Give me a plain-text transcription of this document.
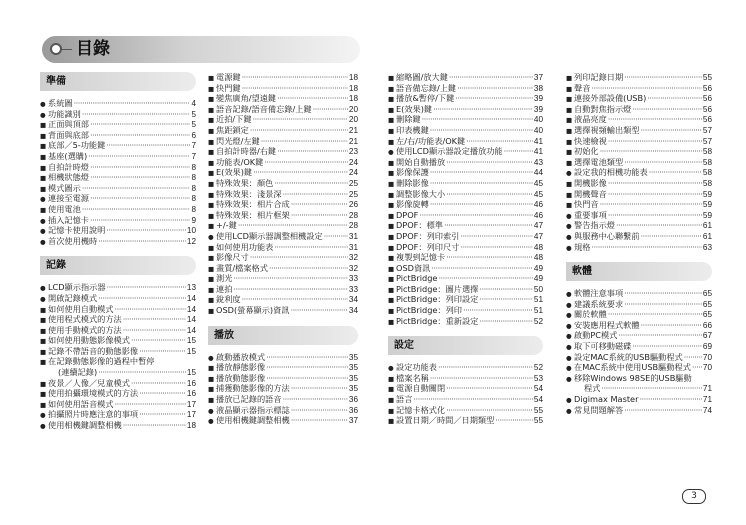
目錄
準備
● 系統圖 ·····	4
● 功能識別 ·····	5
■ 正面與頂部 ·····	5
■ 背面與底部 ·····	6
■ 底部／5-功能鍵 ·····	7
■ 基座(選購) ·····	7
■ 自拍計時燈 ·····	8
■ 相機狀態燈 ·····	8
■ 模式圖示 ·····	8
● 連接至電源 ·····	8
■ 使用電池 ·····	8
● 插入記憶卡 ·····	9
● 記憶卡使用說明 ·····	10
● 首次使用機時 ·····	12
記錄
● LCD顯示指示器 ·····	13
● 開啟記錄模式 ·····	14
■ 如何使用自動模式 ·····	14
■ 使用程式模式的方法 ·····	14
■ 使用手動模式的方法 ·····	14
■ 如何使用動態影像模式 ·····	15
■ 記錄不帶語音的動態影像 ·····	15
■ 在記錄動態影像的過程中暫停
(連續記錄) ·····	15
■ 夜景／人像／兒童模式 ·····	16
■ 使用拍攝環境模式的方法 ·····	16
■ 如何使用語音模式 ·····	17
● 拍攝照片時應注意的事項 ·····	17
● 使用相機鍵調整相機 ·····	18
■ 電源鍵 ·····	18
■ 快門鍵 ·····	18
■ 變焦廣角/望遠鍵 ·····	18
■ 語音記錄/語音備忘錄/上鍵 ·····	20
■ 近拍/下鍵 ·····	20
■ 焦距鎖定 ·····	21
■ 閃光燈/左鍵 ·····	21
■ 自拍計時器/右鍵 ·····	23
■ 功能表/OK鍵 ·····	24
■ E(效果)鍵 ·····	24
■ 特殊效果：顏色 ·····	25
■ 特殊效果：淺景深 ·····	25
■ 特殊效果：相片合成 ·····	26
■ 特殊效果：相片框架 ·····	28
■ +/-鍵 ·····	28
● 使用LCD顯示器調整相機設定 ·····	31
■ 如何使用功能表 ·····	31
■ 影像尺寸 ·····	32
■ 畫質/檔案格式 ·····	32
■ 測光 ·····	33
■ 連拍 ·····	33
■ 銳利度 ·····	34
■ OSD(螢幕顯示)資訊 ·····	34
播放
● 啟動播放模式 ·····	35
■ 播放靜態影像 ·····	35
■ 播放動態影像 ·····	35
■ 捕獲動態影像的方法 ·····	35
■ 播放已記錄的語音 ·····	36
● 液晶顯示器指示標誌 ·····	36
● 使用相機鍵調整相機 ·····	37
■ 縮略圖/放大鍵 ·····	37
■ 語音備忘錄/上鍵 ·····	38
■ 播放&暫停/下鍵 ·····	39
■ E(效果)鍵 ·····	39
■ 刪除鍵 ·····	40
■ 印表機鍵 ·····	40
■ 左/右/功能表/OK鍵 ·····	41
● 使用LCD顯示器設定播放功能 ·····	41
■ 開始自動播放 ·····	43
■ 影像保護 ·····	44
■ 刪除影像 ·····	45
■ 調整影像大小 ·····	45
■ 影像旋轉 ·····	46
■ DPOF ·····	46
■ DPOF：標準 ·····	47
■ DPOF：列印索引 ·····	47
■ DPOF：列印尺寸 ·····	48
■ 複製到記憶卡 ·····	48
■ OSD資訊 ·····	49
■ PictBridge ·····	49
■ PictBridge：圖片選擇 ·····	50
■ PictBridge：列印設定 ·····	51
■ PictBridge：列印 ·····	51
■ PictBridge：重新設定 ·····	52
設定
● 設定功能表 ·····	52
■ 檔案名稱 ·····	53
■ 電源自動關閉 ·····	54
■ 語言 ·····	54
■ 記憶卡格式化 ·····	55
■ 設置日期／時間／日期類型 ·····	55
■ 列印記錄日期 ·····	55
■ 聲音 ·····	56
■ 連接外部設備(USB) ·····	56
■ 自動對焦指示燈 ·····	56
■ 液晶亮度 ·····	56
■ 選擇視頻輸出類型 ·····	57
■ 快速檢視 ·····	57
■ 初始化 ·····	58
■ 選擇電池類型 ·····	58
● 設定我的相機功能表 ·····	58
■ 開機影像 ·····	58
■ 開機聲音 ·····	59
■ 快門音 ·····	59
● 重要事項 ·····	59
● 警告指示燈 ·····	61
● 與服務中心聯繫前 ·····	61
● 規格 ·····	63
軟體
● 軟體注意事項 ·····	65
● 建議系統要求 ·····	65
● 關於軟體 ·····	65
● 安裝應用程式軟體 ·····	66
● 啟動PC模式 ·····	67
● 取下可移動磁碟 ·····	69
● 設定MAC系統的USB驅動程式 ····· 70
● 在MAC系統中使用USB驅動程式 ····· 70
● 移除Windows 98SE的USB驅動
程式 ·····	71
● Digimax Master ·····	71
● 常見問題解答 ·····	74
3
